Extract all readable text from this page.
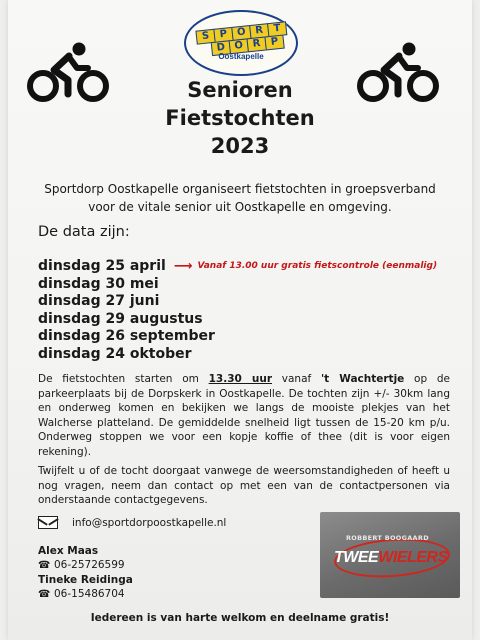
S P O R T
D O R P
Oostkapelle
Senioren
Fietstochten
2023
Sportdorp Oostkapelle organiseert fietstochten in groepsverband
voor de vitale senior uit Oostkapelle en omgeving.
De data zijn:
dinsdag 25 april ⟶ Vanaf 13.00 uur gratis fietscontrole (eenmalig)
dinsdag 30 mei
dinsdag 27 juni
dinsdag 29 augustus
dinsdag 26 september
dinsdag 24 oktober
De fietstochten starten om 13.30 uur vanaf 't Wachtertje op de parkeerplaats bij de Dorpskerk in Oostkapelle. De tochten zijn +/- 30km lang en onderweg komen en bekijken we langs de mooiste plekjes van het Walcherse platteland. De gemiddelde snelheid ligt tussen de 15-20 km p/u. Onderweg stoppen we voor een kopje koffie of thee (dit is voor eigen rekening).
Twijfelt u of de tocht doorgaat vanwege de weersomstandigheden of heeft u nog vragen, neem dan contact op met een van de contactpersonen via onderstaande contactgegevens.
info@sportdorpoostkapelle.nl
Alex Maas
☎ 06-25726599
Tineke Reidinga
☎ 06-15486704
ROBBERT BOOGAARD
TWEEWIELERS
Iedereen is van harte welkom en deelname gratis!
